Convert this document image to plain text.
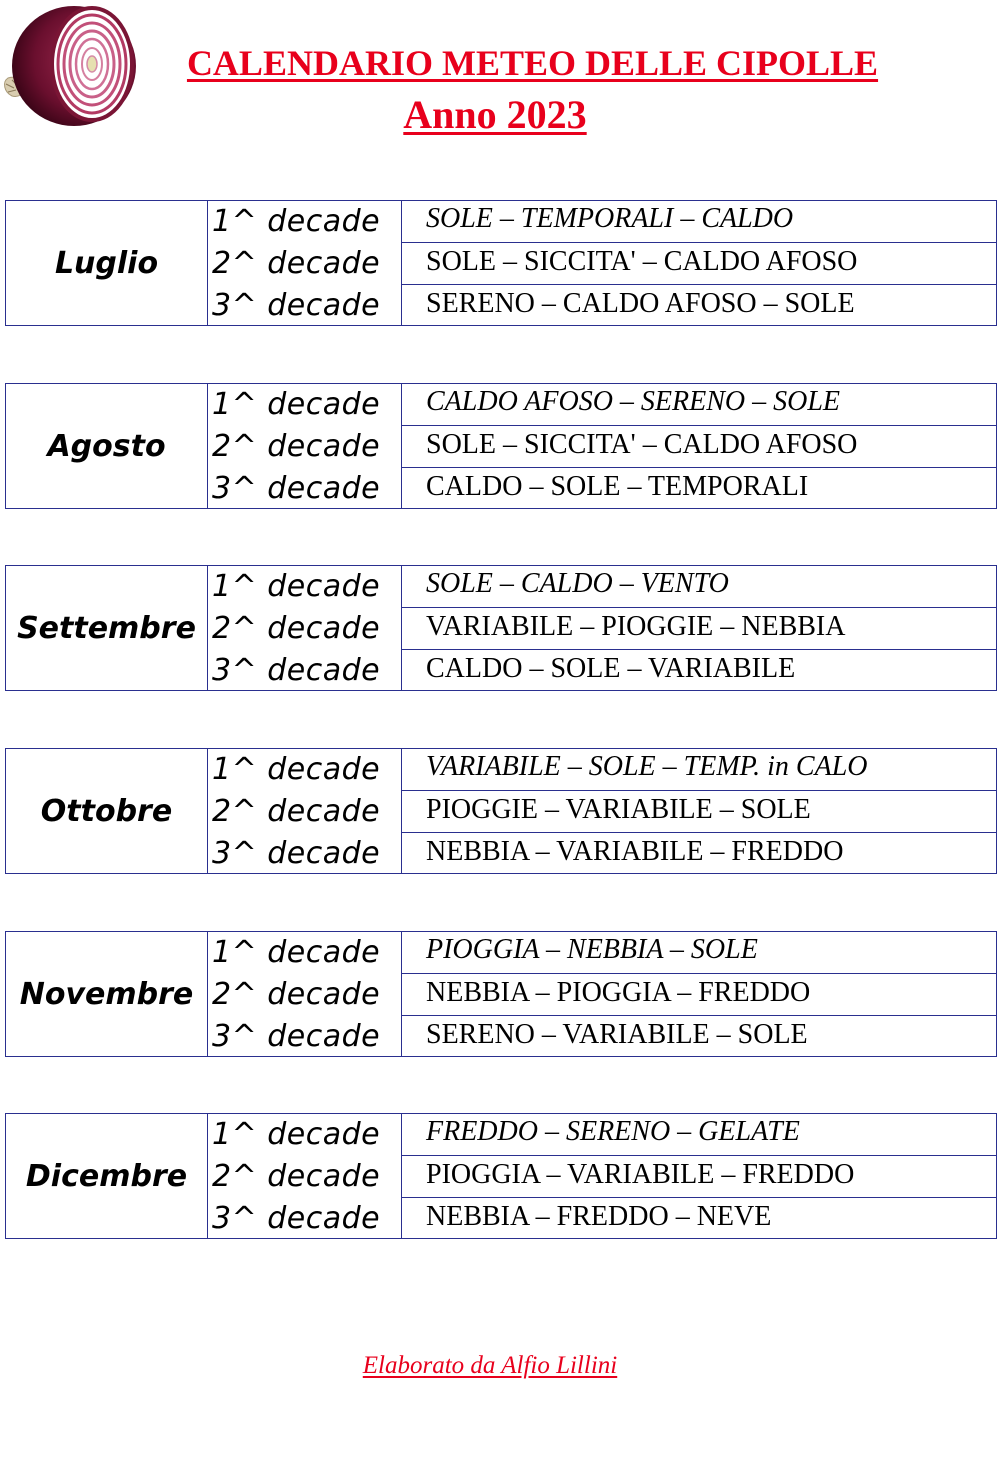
CALENDARIO METEO DELLE CIPOLLE
Anno 2023
Luglio
1^ decade
2^ decade
3^ decade
SOLE – TEMPORALI – CALDO
SOLE – SICCITA' – CALDO AFOSO
SERENO – CALDO AFOSO – SOLE
Agosto
1^ decade
2^ decade
3^ decade
CALDO AFOSO – SERENO – SOLE
SOLE – SICCITA' – CALDO AFOSO
CALDO – SOLE – TEMPORALI
Settembre
1^ decade
2^ decade
3^ decade
SOLE – CALDO – VENTO
VARIABILE – PIOGGIE – NEBBIA
CALDO – SOLE – VARIABILE
Ottobre
1^ decade
2^ decade
3^ decade
VARIABILE – SOLE – TEMP. in CALO
PIOGGIE – VARIABILE – SOLE
NEBBIA – VARIABILE – FREDDO
Novembre
1^ decade
2^ decade
3^ decade
PIOGGIA – NEBBIA – SOLE
NEBBIA – PIOGGIA – FREDDO
SERENO – VARIABILE – SOLE
Dicembre
1^ decade
2^ decade
3^ decade
FREDDO – SERENO – GELATE
PIOGGIA – VARIABILE – FREDDO
NEBBIA – FREDDO – NEVE
Elaborato da Alfio Lillini
